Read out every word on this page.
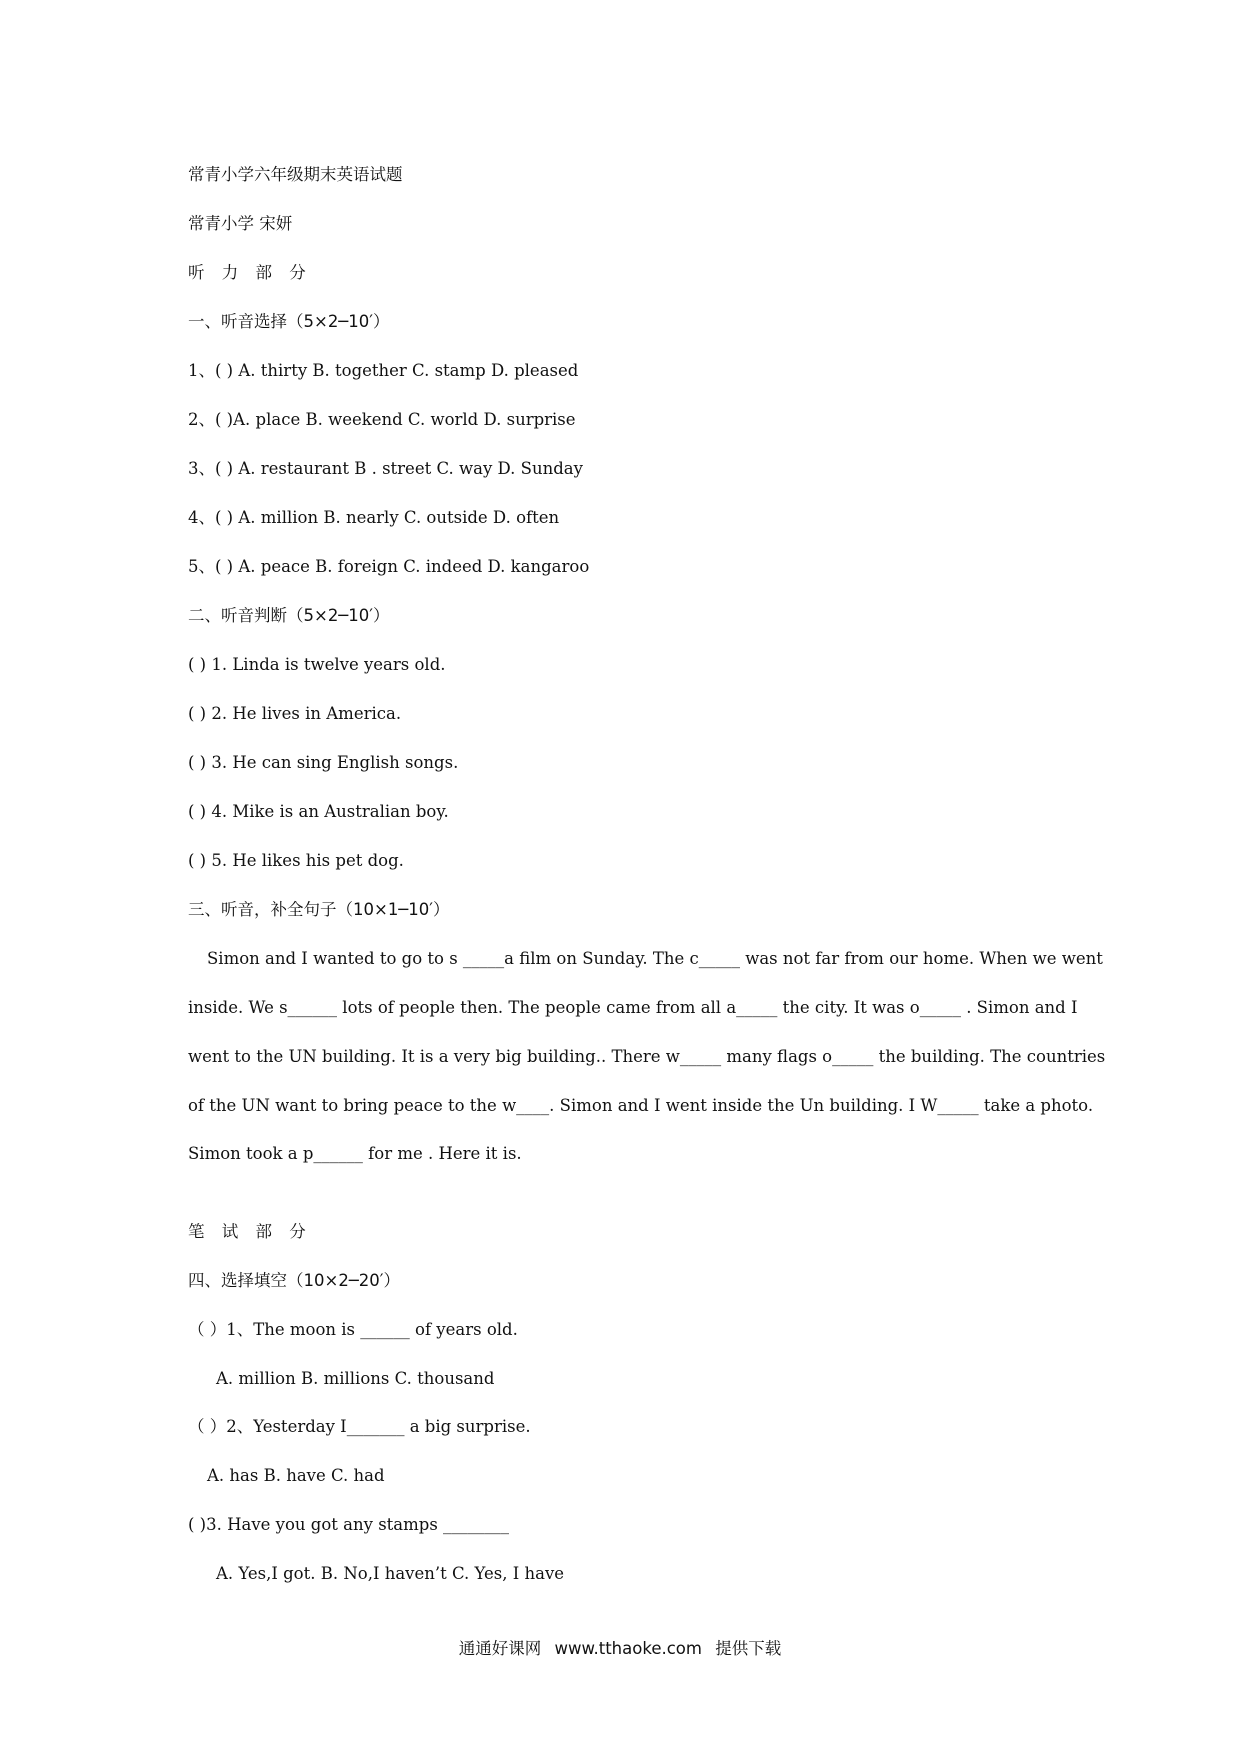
常青小学六年级期末英语试题
常青小学 宋妍
听 力 部 分
一、听音选择（5×2─10′）
1、( ) A. thirty B. together C. stamp D. pleased
2、( )A. place B. weekend C. world D. surprise
3、( ) A. restaurant B . street C. way D. Sunday
4、( ) A. million B. nearly C. outside D. often
5、( ) A. peace B. foreign C. indeed D. kangaroo
二、听音判断（5×2─10′）
( ) 1. Linda is twelve years old.
( ) 2. He lives in America.
( ) 3. He can sing English songs.
( ) 4. Mike is an Australian boy.
( ) 5. He likes his pet dog.
三、听音，补全句子（10×1─10′）
Simon and I wanted to go to s _____a film on Sunday. The c_____ was not far from our home. When we went
inside. We s______ lots of people then. The people came from all a_____ the city. It was o_____ . Simon and I
went to the UN building. It is a very big building.. There w_____ many flags o_____ the building. The countries
of the UN want to bring peace to the w____. Simon and I went inside the Un building. I W_____ take a photo.
Simon took a p______ for me . Here it is.
笔 试 部 分
四、选择填空（10×2─20′）
（ ）1、The moon is ______ of years old.
A. million B. millions C. thousand
（ ）2、Yesterday I_______ a big surprise.
A. has B. have C. had
( )3. Have you got any stamps ________
A. Yes,I got. B. No,I haven’t C. Yes, I have
通通好课网 www.tthaoke.com 提供下载
